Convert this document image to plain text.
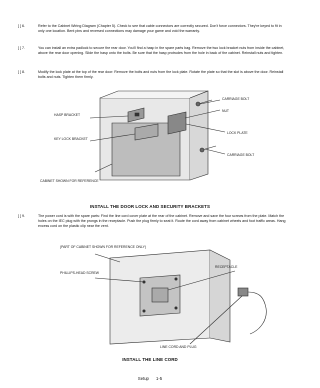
[ ] 6.	Refer to the Cabinet Wiring Diagram (Chapter 5). Check to see that cable connectors are correctly secured. Don't force connectors. They're keyed to fit in only one location. Bent pins and reversed connections may damage your game and void the warranty.
[ ] 7.	You can install an extra padlock to secure the rear door. You'll find a hasp in the spare parts bag. Remove the two lock bracket nuts from inside the cabinet, above the rear door opening. Slide the hasp onto the bolts. Be sure that the hasp protrudes from the hole in back of the cabinet. Reinstall nuts and tighten.
[ ] 8.	Modify the lock plate at the top of the rear door: Remove the bolts and nuts from the lock plate. Rotate the plate so that the slot is above the door. Reinstall bolts and nuts. Tighten them firmly.
CARRIAGE BOLT
NUT
HASP BRACKET
KEY LOCK BRACKET
LOCK PLATE
CARRIAGE BOLT
CABINET SHOWN FOR REFERENCE
INSTALL THE DOOR LOCK AND SECURITY BRACKETS
[ ] 9.	The power cord is with the spare parts: Find the line cord cover plate at the rear of the cabinet. Remove and save the four screws from the plate. Match the holes on the IEC plug with the prongs in the receptacle. Push the plug firmly to seat it. Route the cord away from cabinet wheels and foot traffic areas. Hang excess cord on the plastic clip near the vent.
(PART OF CABINET SHOWN FOR REFERENCE ONLY)
PHILLIPS-HEAD SCREW
RECEPTACLE
LINE CORD AND PLUG
INSTALL THE LINE CORD
Setup 1-5
